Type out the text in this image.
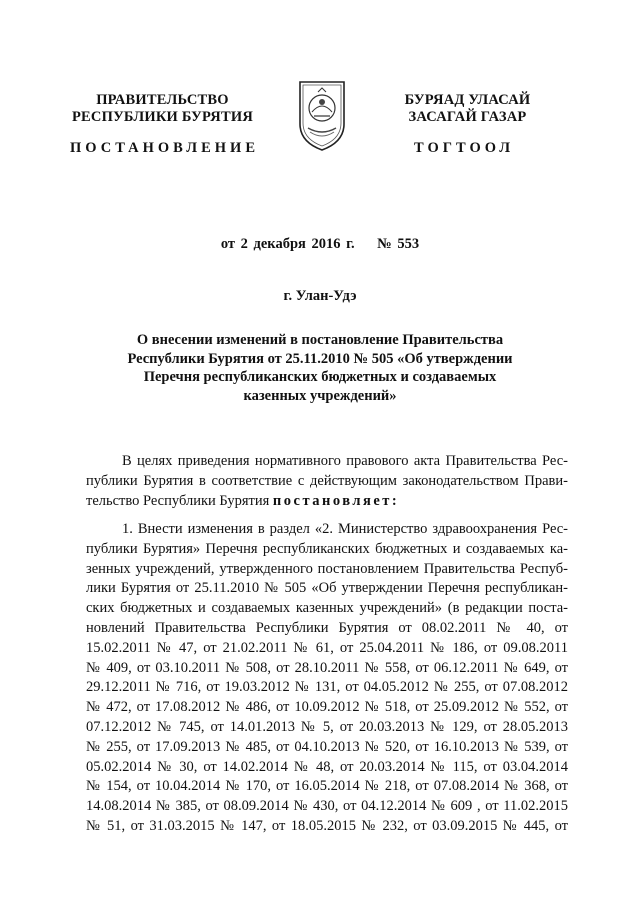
ПРАВИТЕЛЬСТВО
РЕСПУБЛИКИ БУРЯТИЯ
БУРЯАД УЛАСАЙ
ЗАСАГАЙ ГАЗАР
ПОСТАНОВЛЕНИЕ	ТОГТООЛ
от 2 декабря 2016 г.    № 553
г. Улан-Удэ
О внесении изменений в постановление Правительства
Республики Бурятия от 25.11.2010 № 505 «Об утверждении
Перечня республиканских бюджетных и создаваемых
казенных учреждений»
В целях приведения нормативного правового акта Правительства Рес-
публики Бурятия в соответствие с действующим законодательством Прави-
тельство Республики Бурятия постановляет:
1. Внести изменения в раздел «2. Министерство здравоохранения Рес-
публики Бурятия» Перечня республиканских бюджетных и создаваемых ка-
зенных учреждений, утвержденного постановлением Правительства Респуб-
лики Бурятия от 25.11.2010 № 505 «Об утверждении Перечня республикан-
ских бюджетных и создаваемых казенных учреждений» (в редакции поста-
новлений Правительства Республики Бурятия от 08.02.2011 № 40, от
15.02.2011 № 47, от 21.02.2011 № 61, от 25.04.2011 № 186, от 09.08.2011
№ 409, от 03.10.2011 № 508, от 28.10.2011 № 558, от 06.12.2011 № 649, от
29.12.2011 № 716, от 19.03.2012 № 131, от 04.05.2012 № 255, от 07.08.2012
№ 472, от 17.08.2012 № 486, от 10.09.2012 № 518, от 25.09.2012 № 552, от
07.12.2012 № 745, от 14.01.2013 № 5, от 20.03.2013 № 129, от 28.05.2013
№ 255, от 17.09.2013 № 485, от 04.10.2013 № 520, от 16.10.2013 № 539, от
05.02.2014 № 30, от 14.02.2014 № 48, от 20.03.2014 № 115, от 03.04.2014
№ 154, от 10.04.2014 № 170, от 16.05.2014 № 218, от 07.08.2014 № 368, от
14.08.2014 № 385, от 08.09.2014 № 430, от 04.12.2014 № 609 , от 11.02.2015
№ 51, от 31.03.2015 № 147, от 18.05.2015 № 232, от 03.09.2015 № 445, от
